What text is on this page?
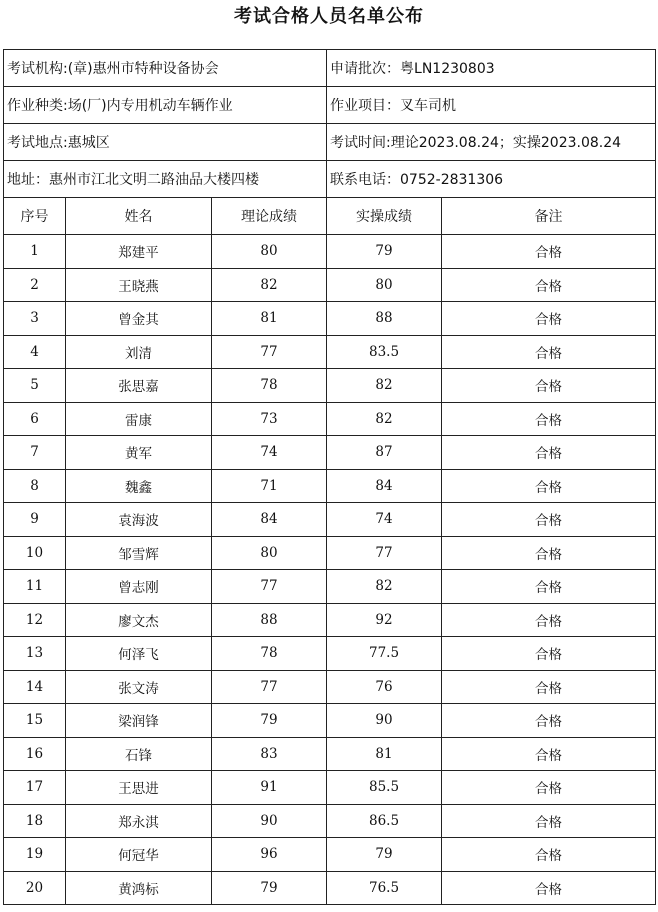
考试合格人员名单公布
考试机构:(章)惠州市特种设备协会			申请批次：粤LN1230803	
作业种类:场(厂)内专用机动车辆作业			作业项目：叉车司机	
考试地点:惠城区			考试时间:理论2023.08.24；实操2023.08.24	
地址：惠州市江北文明二路油品大楼四楼			联系电话：0752-2831306	
序号	姓名	理论成绩	实操成绩	备注
1	郑建平	80	79	合格
2	王晓燕	82	80	合格
3	曾金其	81	88	合格
4	刘清	77	83.5	合格
5	张思嘉	78	82	合格
6	雷康	73	82	合格
7	黄军	74	87	合格
8	魏鑫	71	84	合格
9	袁海波	84	74	合格
10	邹雪辉	80	77	合格
11	曾志刚	77	82	合格
12	廖文杰	88	92	合格
13	何泽飞	78	77.5	合格
14	张文涛	77	76	合格
15	梁润锋	79	90	合格
16	石锋	83	81	合格
17	王思进	91	85.5	合格
18	郑永淇	90	86.5	合格
19	何冠华	96	79	合格
20	黄鸿标	79	76.5	合格
